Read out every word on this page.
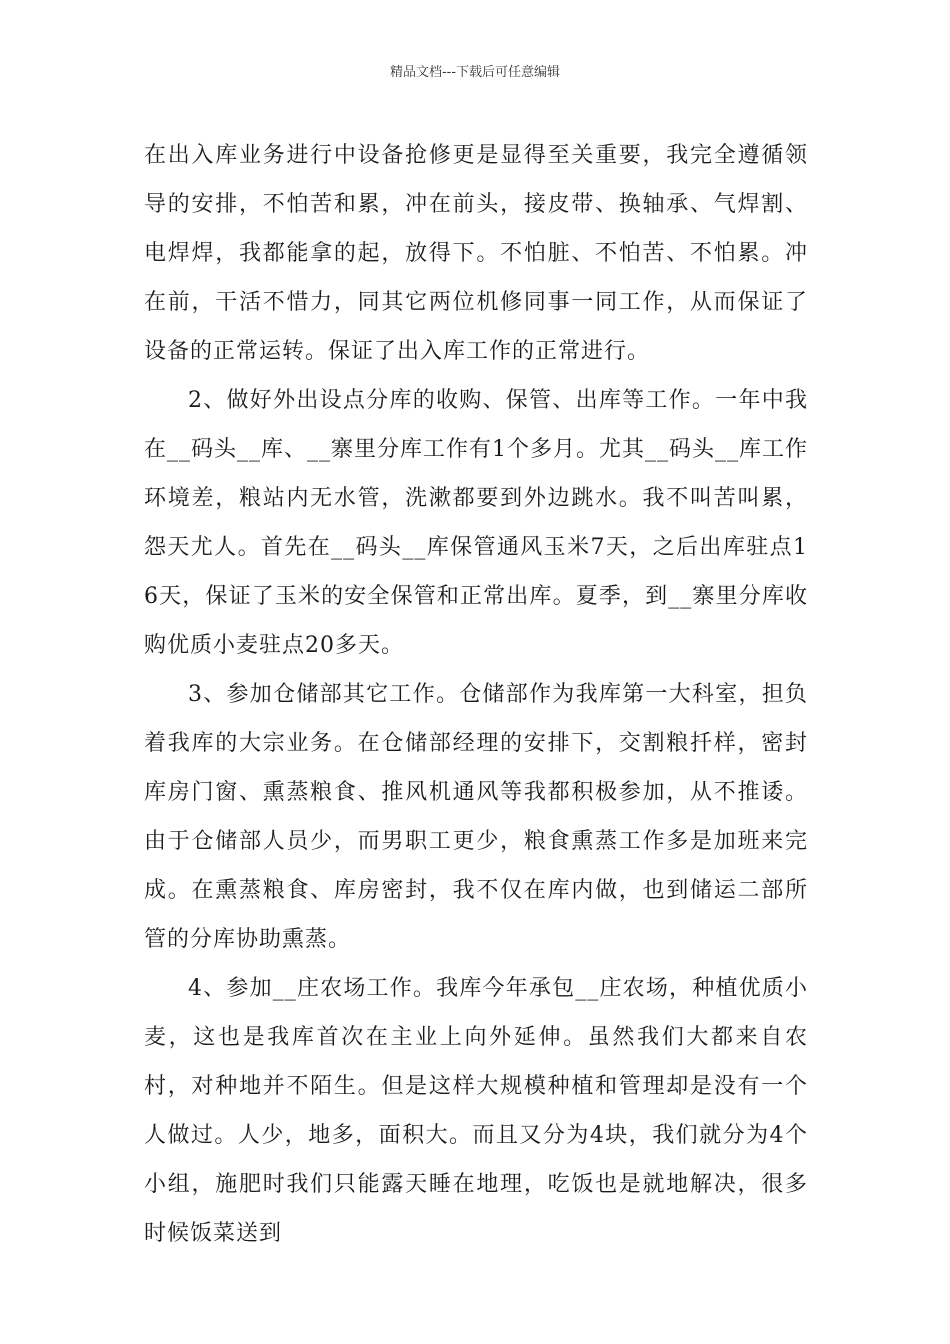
精品文档---下载后可任意编辑

在出入库业务进行中设备抢修更是显得至关重要，我完全遵循领导的安排，不怕苦和累，冲在前头，接皮带、换轴承、气焊割、电焊焊，我都能拿的起，放得下。不怕脏、不怕苦、不怕累。冲在前，干活不惜力，同其它两位机修同事一同工作，从而保证了设备的正常运转。保证了出入库工作的正常进行。

2、做好外出设点分库的收购、保管、出库等工作。一年中我在__码头__库、__寨里分库工作有1个多月。尤其__码头__库工作环境差，粮站内无水管，洗漱都要到外边跳水。我不叫苦叫累，怨天尤人。首先在__码头__库保管通风玉米7天，之后出库驻点16天，保证了玉米的安全保管和正常出库。夏季，到__寨里分库收购优质小麦驻点20多天。

3、参加仓储部其它工作。仓储部作为我库第一大科室，担负着我库的大宗业务。在仓储部经理的安排下，交割粮扦样，密封库房门窗、熏蒸粮食、推风机通风等我都积极参加，从不推诿。由于仓储部人员少，而男职工更少，粮食熏蒸工作多是加班来完成。在熏蒸粮食、库房密封，我不仅在库内做，也到储运二部所管的分库协助熏蒸。

4、参加__庄农场工作。我库今年承包__庄农场，种植优质小麦，这也是我库首次在主业上向外延伸。虽然我们大都来自农村，对种地并不陌生。但是这样大规模种植和管理却是没有一个人做过。人少，地多，面积大。而且又分为4块，我们就分为4个小组，施肥时我们只能露天睡在地理，吃饭也是就地解决，很多时候饭菜送到
